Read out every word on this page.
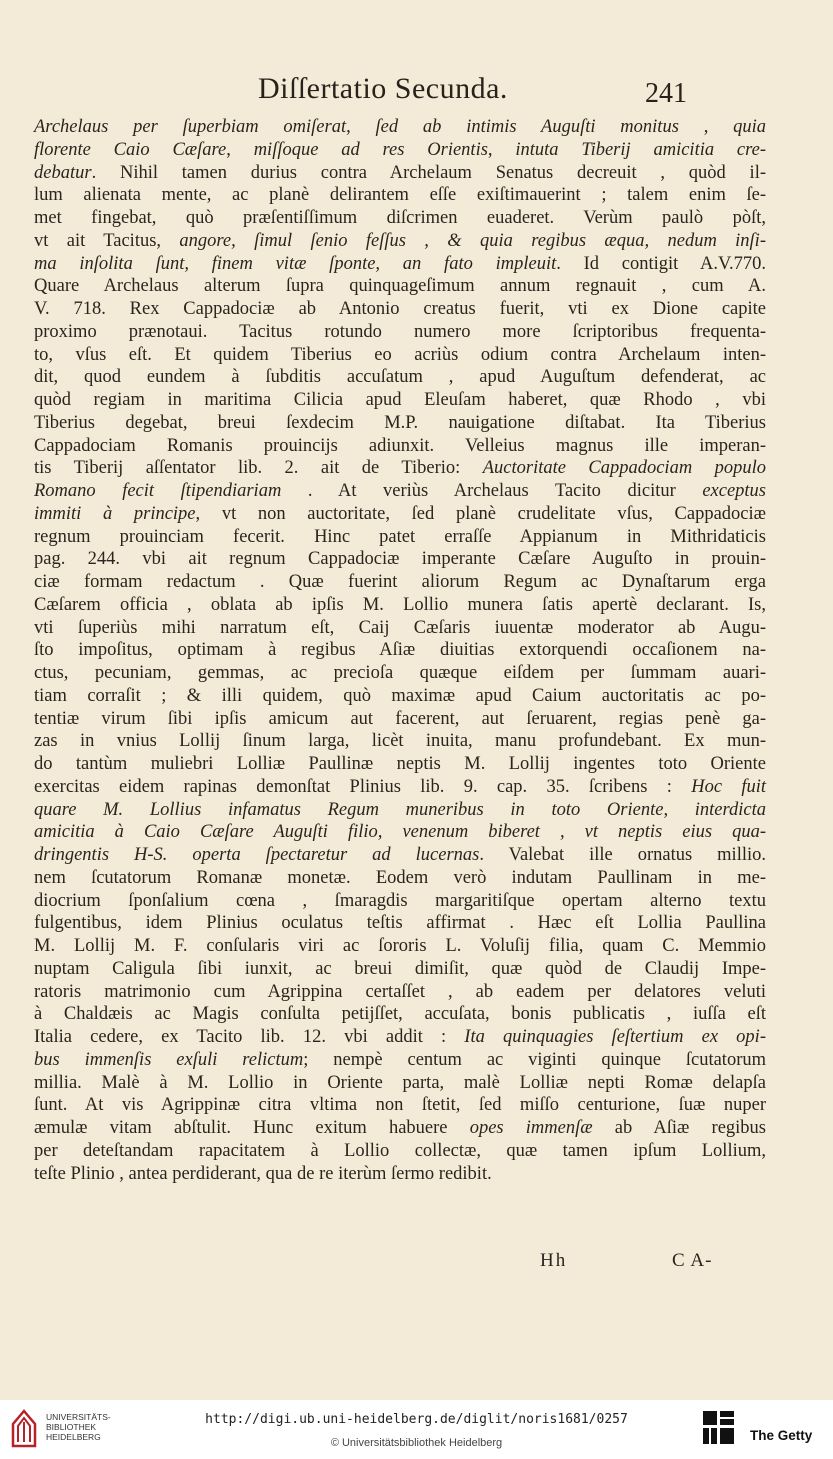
Diſſertatio Secunda.	241
Archelaus per ſuperbiam omiſerat, ſed ab intimis Auguſti monitus , quia
florente Caio Cæſare, miſſoque ad res Orientis, intuta Tiberij amicitia cre-
debatur. Nihil tamen durius contra Archelaum Senatus decreuit , quòd il-
lum alienata mente, ac planè delirantem eſſe exiſtimauerint ; talem enim ſe-
met fingebat, quò præſentiſſimum diſcrimen euaderet. Verùm paulò pòſt,
vt ait Tacitus, angore, ſimul ſenio feſſus , & quia regibus æqua, nedum inſi-
ma inſolita ſunt, finem vitæ ſponte, an fato impleuit. Id contigit A.V.770.
Quare Archelaus alterum ſupra quinquageſimum annum regnauit , cum A.
V. 718. Rex Cappadociæ ab Antonio creatus fuerit, vti ex Dione capite
proximo prænotaui. Tacitus rotundo numero more ſcriptoribus frequenta-
to, vſus eſt. Et quidem Tiberius eo acriùs odium contra Archelaum inten-
dit, quod eundem à ſubditis accuſatum , apud Auguſtum defenderat, ac
quòd regiam in maritima Cilicia apud Eleuſam haberet, quæ Rhodo , vbi
Tiberius degebat, breui ſexdecim M.P. nauigatione diſtabat. Ita Tiberius
Cappadociam Romanis prouincijs adiunxit. Velleius magnus ille imperan-
tis Tiberij aſſentator lib. 2. ait de Tiberio: Auctoritate Cappadociam populo
Romano fecit ſtipendiariam . At veriùs Archelaus Tacito dicitur exceptus
immiti à principe, vt non auctoritate, ſed planè crudelitate vſus, Cappadociæ
regnum prouinciam fecerit. Hinc patet erraſſe Appianum in Mithridaticis
pag. 244. vbi ait regnum Cappadociæ imperante Cæſare Auguſto in prouin-
ciæ formam redactum . Quæ fuerint aliorum Regum ac Dynaſtarum erga
Cæſarem officia , oblata ab ipſis M. Lollio munera ſatis apertè declarant. Is,
vti ſuperiùs mihi narratum eſt, Caij Cæſaris iuuentæ moderator ab Augu-
ſto impoſitus, optimam à regibus Aſiæ diuitias extorquendi occaſionem na-
ctus, pecuniam, gemmas, ac precioſa quæque eiſdem per ſummam auari-
tiam corraſit ; & illi quidem, quò maximæ apud Caium auctoritatis ac po-
tentiæ virum ſibi ipſis amicum aut facerent, aut ſeruarent, regias penè ga-
zas in vnius Lollij ſinum larga, licèt inuita, manu profundebant. Ex mun-
do tantùm muliebri Lolliæ Paullinæ neptis M. Lollij ingentes toto Oriente
exercitas eidem rapinas demonſtat Plinius lib. 9. cap. 35. ſcribens : Hoc fuit
quare M. Lollius infamatus Regum muneribus in toto Oriente, interdicta
amicitia à Caio Cæſare Auguſti filio, venenum biberet , vt neptis eius qua-
dringentis H-S. operta ſpectaretur ad lucernas. Valebat ille ornatus millio.
nem ſcutatorum Romanæ monetæ. Eodem verò indutam Paullinam in me-
diocrium ſponſalium cœna , ſmaragdis margaritiſque opertam alterno textu
fulgentibus, idem Plinius oculatus teſtis affirmat . Hæc eſt Lollia Paullina
M. Lollij M. F. conſularis viri ac ſororis L. Voluſij filia, quam C. Memmio
nuptam Caligula ſibi iunxit, ac breui dimiſit, quæ quòd de Claudij Impe-
ratoris matrimonio cum Agrippina certaſſet , ab eadem per delatores veluti
à Chaldæis ac Magis conſulta petijſſet, accuſata, bonis publicatis , iuſſa eſt
Italia cedere, ex Tacito lib. 12. vbi addit : Ita quinquagies ſeſtertium ex opi-
bus immenſis exſuli relictum; nempè centum ac viginti quinque ſcutatorum
millia. Malè à M. Lollio in Oriente parta, malè Lolliæ nepti Romæ delapſa
ſunt. At vis Agrippinæ citra vltima non ſtetit, ſed miſſo centurione, ſuæ nuper
æmulæ vitam abſtulit. Hunc exitum habuere opes immenſæ ab Aſiæ regibus
per deteſtandam rapacitatem à Lollio collectæ, quæ tamen ipſum Lollium,
teſte Plinio , antea perdiderant, qua de re iterùm ſermo redibit.
Hh	C A-
UNIVERSITÄTS-
BIBLIOTHEK
HEIDELBERG
http://digi.ub.uni-heidelberg.de/diglit/noris1681/0257
© Universitätsbibliothek Heidelberg	The Getty
